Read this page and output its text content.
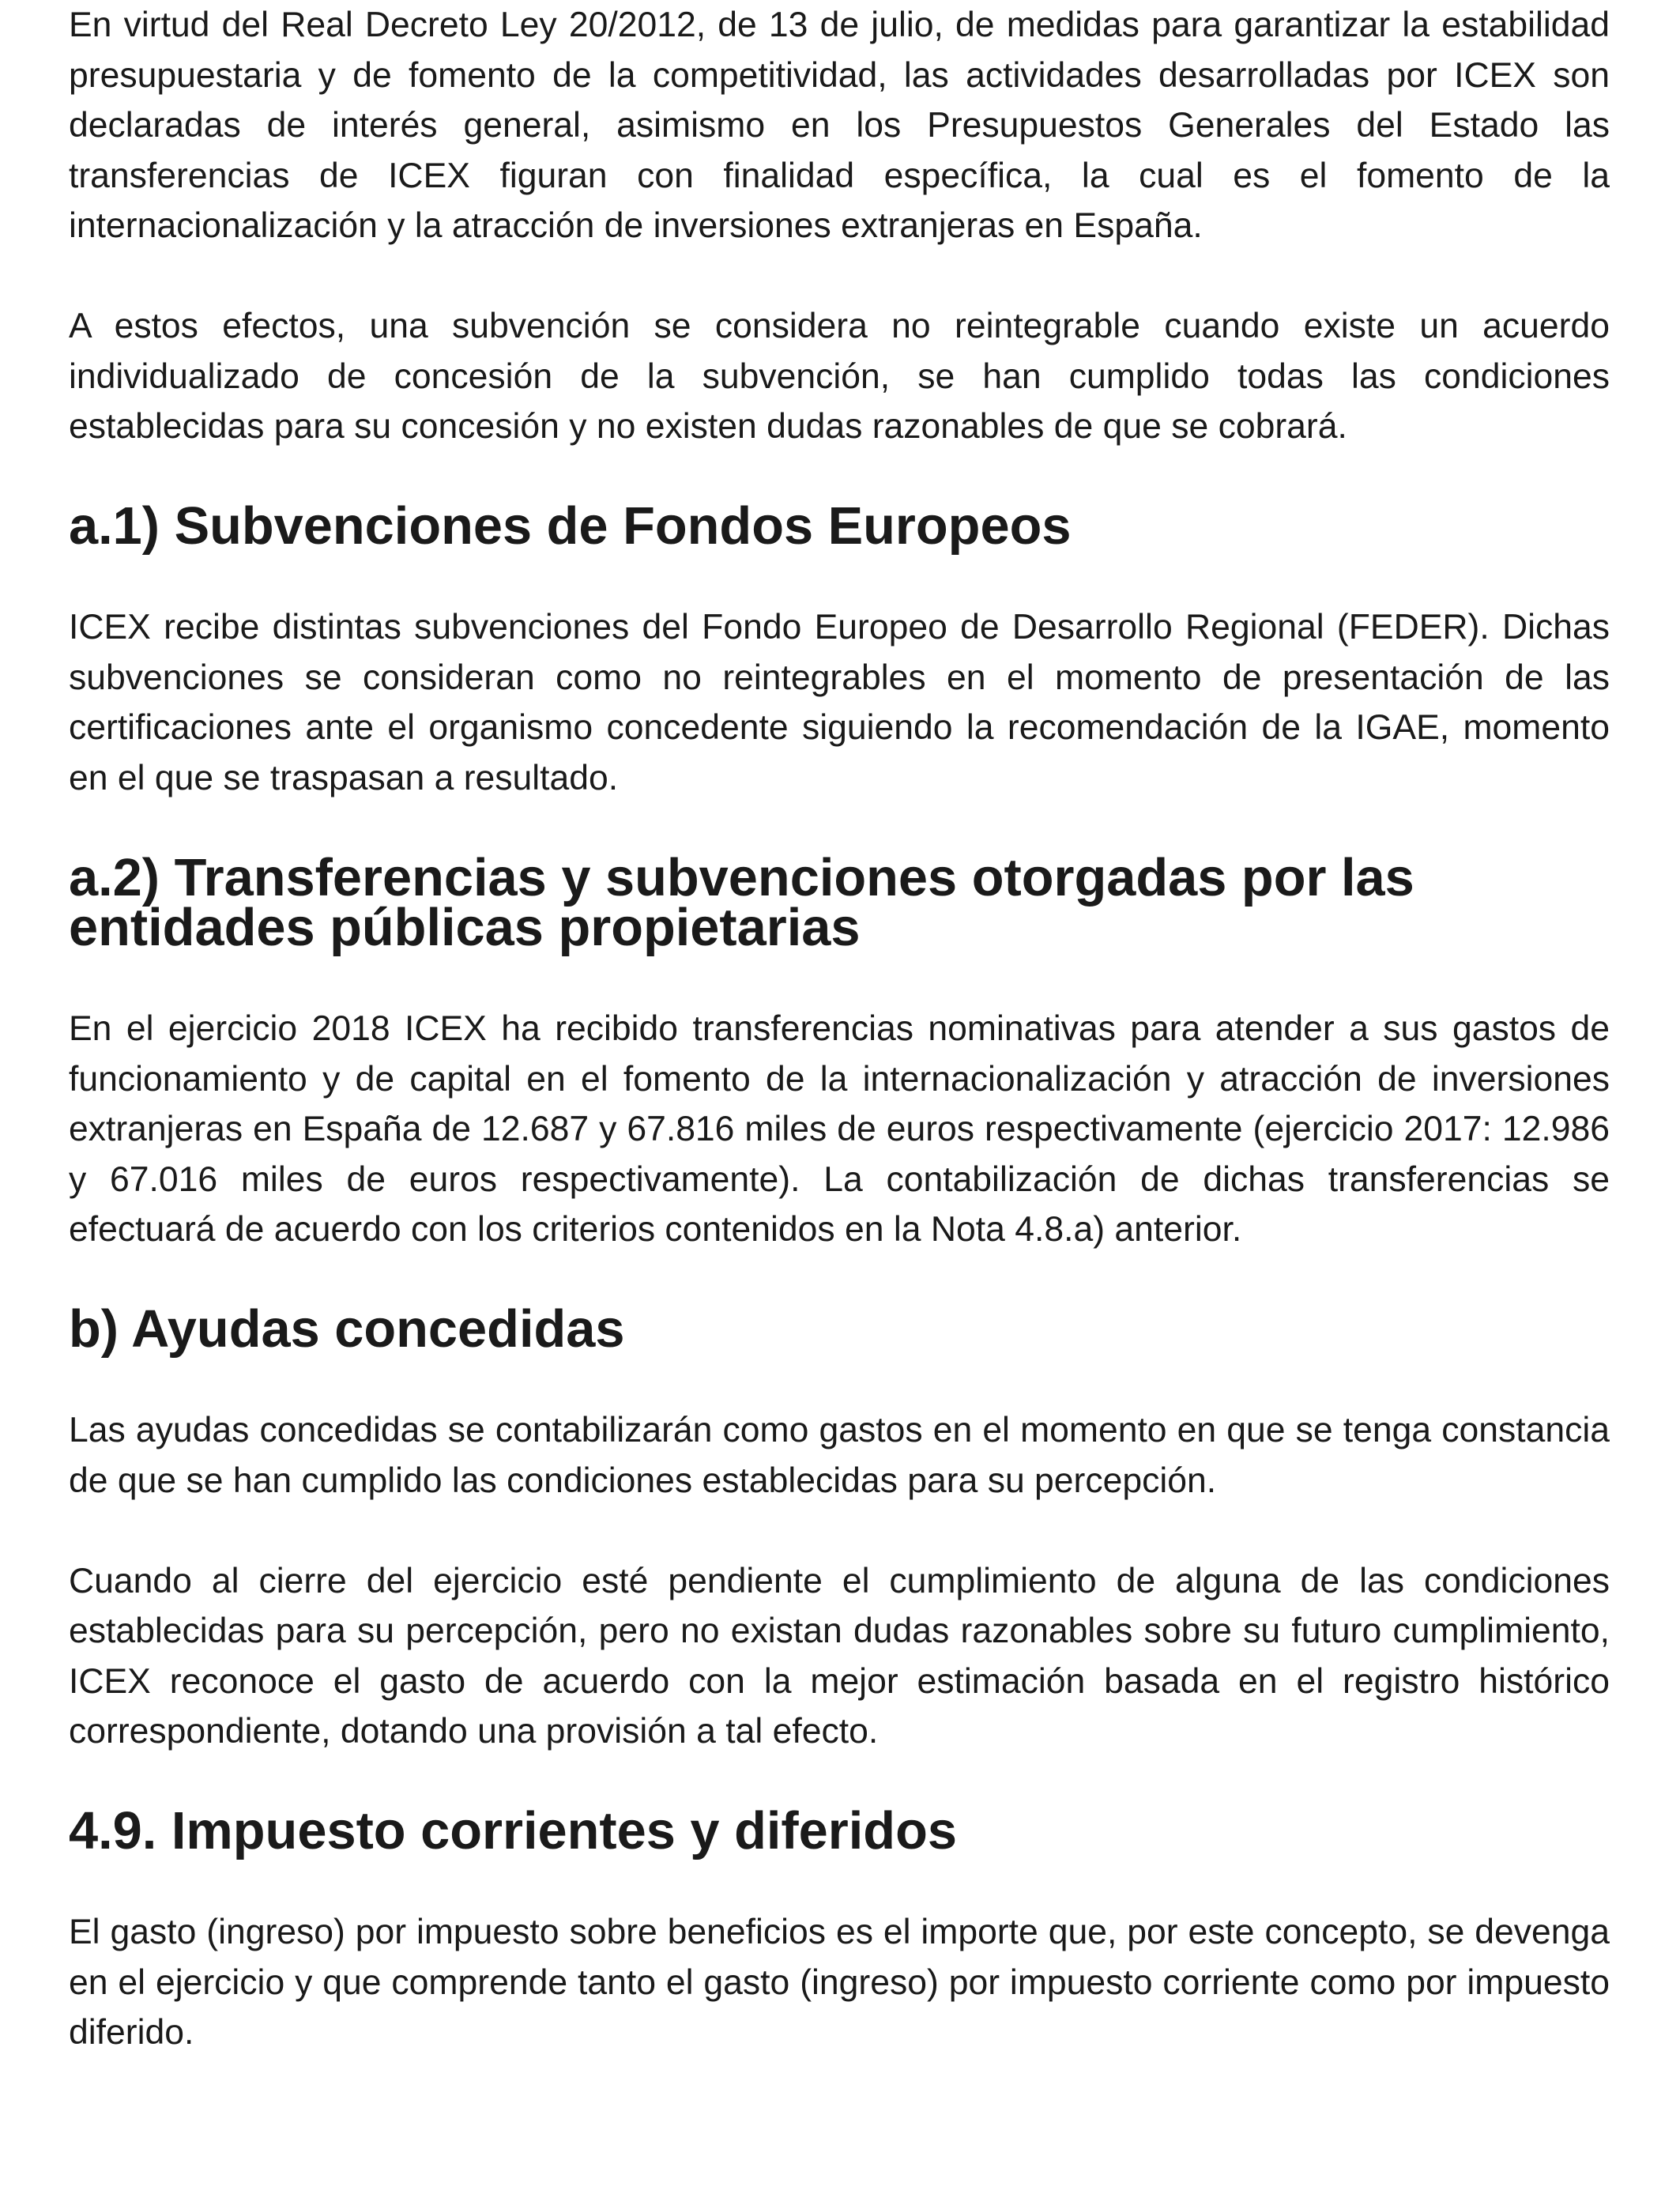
En virtud del Real Decreto Ley 20/2012, de 13 de julio, de medidas para garantizar la estabilidad presupuestaria y de fomento de la competitividad, las actividades desarrolladas por ICEX son declaradas de interés general, asimismo en los Presupuestos Generales del Estado las transferencias de ICEX figuran con finalidad específica, la cual es el fomento de la internacionalización y la atracción de inversiones extranjeras en España.

A estos efectos, una subvención se considera no reintegrable cuando existe un acuerdo individualizado de concesión de la subvención, se han cumplido todas las condiciones establecidas para su concesión y no existen dudas razonables de que se cobrará.

a.1) Subvenciones de Fondos Europeos

ICEX recibe distintas subvenciones del Fondo Europeo de Desarrollo Regional (FEDER). Dichas subvenciones se consideran como no reintegrables en el momento de presentación de las certificaciones ante el organismo concedente siguiendo la recomendación de la IGAE, momento en el que se traspasan a resultado.

a.2) Transferencias y subvenciones otorgadas por las entidades públicas propietarias

En el ejercicio 2018 ICEX ha recibido transferencias nominativas para atender a sus gastos de funcionamiento y de capital en el fomento de la internacionalización y atracción de inversiones extranjeras en España de 12.687 y 67.816 miles de euros respectivamente (ejercicio 2017: 12.986 y 67.016 miles de euros respectivamente). La contabilización de dichas transferencias se efectuará de acuerdo con los criterios contenidos en la Nota 4.8.a) anterior.

b) Ayudas concedidas

Las ayudas concedidas se contabilizarán como gastos en el momento en que se tenga constancia de que se han cumplido las condiciones establecidas para su percepción.

Cuando al cierre del ejercicio esté pendiente el cumplimiento de alguna de las condiciones establecidas para su percepción, pero no existan dudas razonables sobre su futuro cumplimiento, ICEX reconoce el gasto de acuerdo con la mejor estimación basada en el registro histórico correspondiente, dotando una provisión a tal efecto.

4.9. Impuesto corrientes y diferidos

El gasto (ingreso) por impuesto sobre beneficios es el importe que, por este concepto, se devenga en el ejercicio y que comprende tanto el gasto (ingreso) por impuesto corriente como por impuesto diferido.
